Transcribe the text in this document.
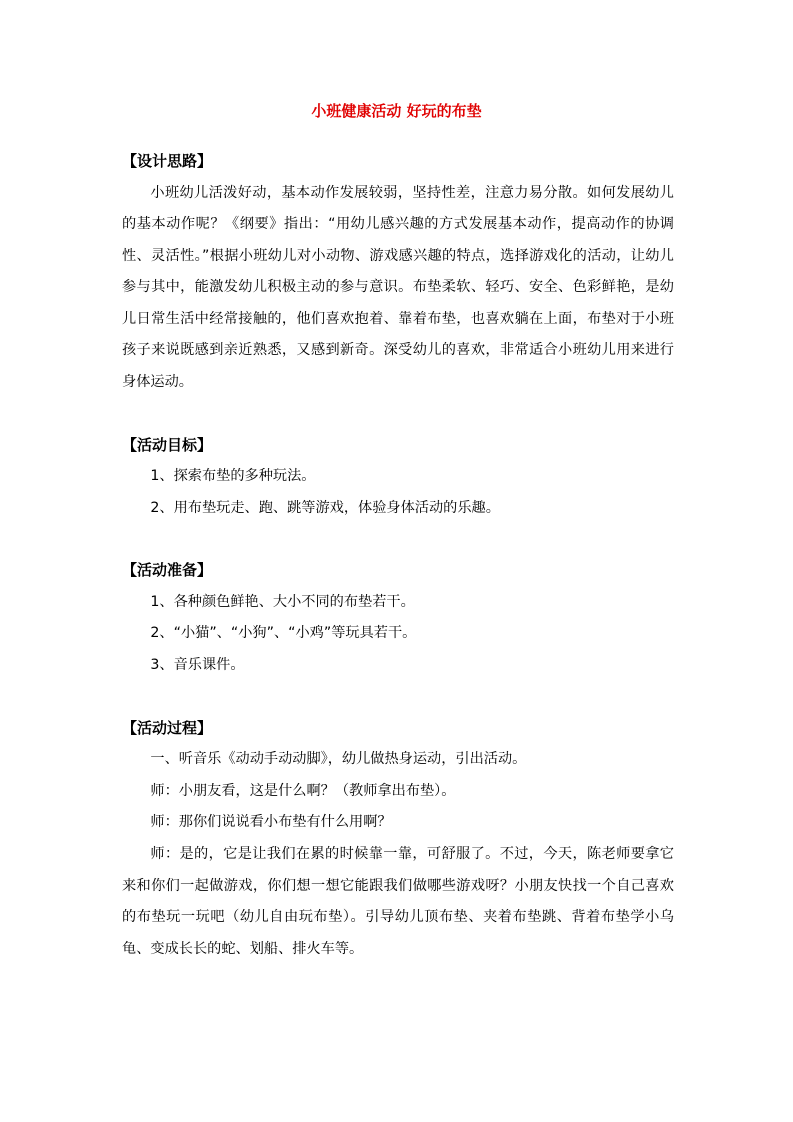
小班健康活动 好玩的布垫
【设计思路】

小班幼儿活泼好动，基本动作发展较弱，坚持性差，注意力易分散。如何发展幼儿的基本动作呢？《纲要》指出：“用幼儿感兴趣的方式发展基本动作，提高动作的协调性、灵活性。”根据小班幼儿对小动物、游戏感兴趣的特点，选择游戏化的活动，让幼儿参与其中，能激发幼儿积极主动的参与意识。布垫柔软、轻巧、安全、色彩鲜艳，是幼儿日常生活中经常接触的，他们喜欢抱着、靠着布垫，也喜欢躺在上面，布垫对于小班孩子来说既感到亲近熟悉，又感到新奇。深受幼儿的喜欢，非常适合小班幼儿用来进行身体运动。

【活动目标】

1、探索布垫的多种玩法。

2、用布垫玩走、跑、跳等游戏，体验身体活动的乐趣。

【活动准备】

1、各种颜色鲜艳、大小不同的布垫若干。

2、“小猫”、“小狗”、“小鸡”等玩具若干。

3、音乐课件。

【活动过程】

一、听音乐《动动手动动脚》，幼儿做热身运动，引出活动。

师：小朋友看，这是什么啊？（教师拿出布垫）。

师：那你们说说看小布垫有什么用啊？

师：是的，它是让我们在累的时候靠一靠，可舒服了。不过，今天，陈老师要拿它来和你们一起做游戏，你们想一想它能跟我们做哪些游戏呀？小朋友快找一个自己喜欢的布垫玩一玩吧（幼儿自由玩布垫）。引导幼儿顶布垫、夹着布垫跳、背着布垫学小乌龟、变成长长的蛇、划船、排火车等。
